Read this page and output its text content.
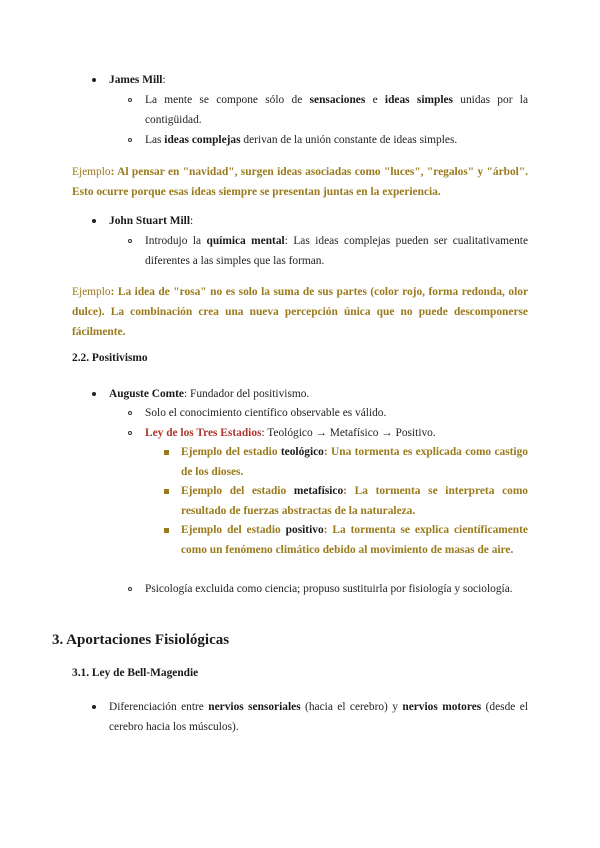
James Mill:
La mente se compone sólo de sensaciones e ideas simples unidas por la contigüidad.
Las ideas complejas derivan de la unión constante de ideas simples.
Ejemplo: Al pensar en "navidad", surgen ideas asociadas como "luces", "regalos" y "árbol". Esto ocurre porque esas ideas siempre se presentan juntas en la experiencia.
John Stuart Mill:
Introdujo la química mental: Las ideas complejas pueden ser cualitativamente diferentes a las simples que las forman.
Ejemplo: La idea de "rosa" no es solo la suma de sus partes (color rojo, forma redonda, olor dulce). La combinación crea una nueva percepción única que no puede descomponerse fácilmente.
2.2. Positivismo
Auguste Comte: Fundador del positivismo.
Solo el conocimiento científico observable es válido.
Ley de los Tres Estadios: Teológico → Metafísico → Positivo.
Ejemplo del estadio teológico: Una tormenta es explicada como castigo de los dioses.
Ejemplo del estadio metafísico: La tormenta se interpreta como resultado de fuerzas abstractas de la naturaleza.
Ejemplo del estadio positivo: La tormenta se explica científicamente como un fenómeno climático debido al movimiento de masas de aire.
Psicología excluida como ciencia; propuso sustituirla por fisiología y sociología.
3. Aportaciones Fisiológicas
3.1. Ley de Bell-Magendie
Diferenciación entre nervios sensoriales (hacia el cerebro) y nervios motores (desde el cerebro hacia los músculos).
